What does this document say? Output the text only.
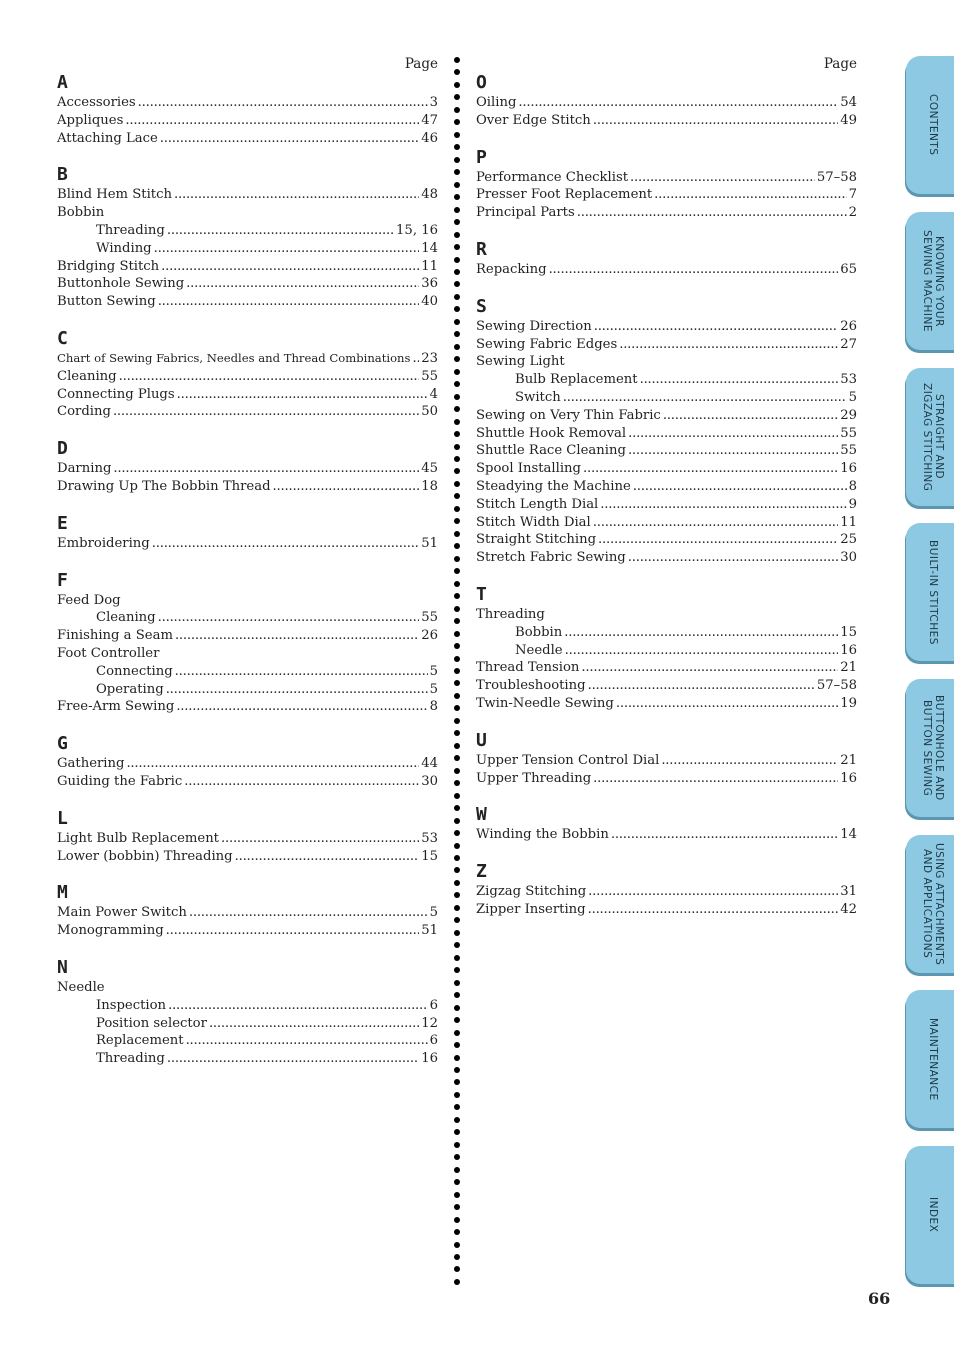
Page
A
Accessories . . .	3
Appliques . . .	47
Attaching Lace . . .	46
B
Blind Hem Stitch . . .	48
Bobbin
Threading . . .	15, 16
Winding . . .	14
Bridging Stitch . . .	11
Buttonhole Sewing . . .	36
Button Sewing . . .	40
C
Chart of Sewing Fabrics, Needles and Thread Combinations . . . 23
Cleaning . . .	55
Connecting Plugs . . .	4
Cording . . .	50
D
Darning . . .	45
Drawing Up The Bobbin Thread . . .	18
E
Embroidering . . .	51
F
Feed Dog
Cleaning . . .	55
Finishing a Seam . . .	26
Foot Controller
Connecting . . .	5
Operating . . .	5
Free-Arm Sewing . . .	8
G
Gathering . . .	44
Guiding the Fabric . . .	30
L
Light Bulb Replacement . . .	53
Lower (bobbin) Threading . . .	15
M
Main Power Switch . . .	5
Monogramming . . .	51
N
Needle
Inspection . . .	6
Position selector . . .	12
Replacement . . .	6
Threading . . .	16
Page
O
Oiling . . .	54
Over Edge Stitch . . .	49
P
Performance Checklist . . .	57–58
Presser Foot Replacement . . .	7
Principal Parts . . .	2
R
Repacking . . .	65
S
Sewing Direction . . .	26
Sewing Fabric Edges . . .	27
Sewing Light
Bulb Replacement . . .	53
Switch . . .	5
Sewing on Very Thin Fabric . . .	29
Shuttle Hook Removal . . .	55
Shuttle Race Cleaning . . .	55
Spool Installing . . .	16
Steadying the Machine . . .	8
Stitch Length Dial . . .	9
Stitch Width Dial . . .	11
Straight Stitching . . .	25
Stretch Fabric Sewing . . .	30
T
Threading
Bobbin . . .	15
Needle . . .	16
Thread Tension . . .	21
Troubleshooting . . .	57–58
Twin-Needle Sewing . . .	19
U
Upper Tension Control Dial . . .	21
Upper Threading . . .	16
W
Winding the Bobbin . . .	14
Z
Zigzag Stitching . . .	31
Zipper Inserting . . .	42
CONTENTS
KNOWING YOUR
SEWING MACHINE
STRAIGHT AND
ZIGZAG STITCHING
BUILT-IN STITCHES
BUTTONHOLE AND
BUTTON SEWING
USING ATTACHMENTS
AND APPLICATIONS
MAINTENANCE
INDEX
66
